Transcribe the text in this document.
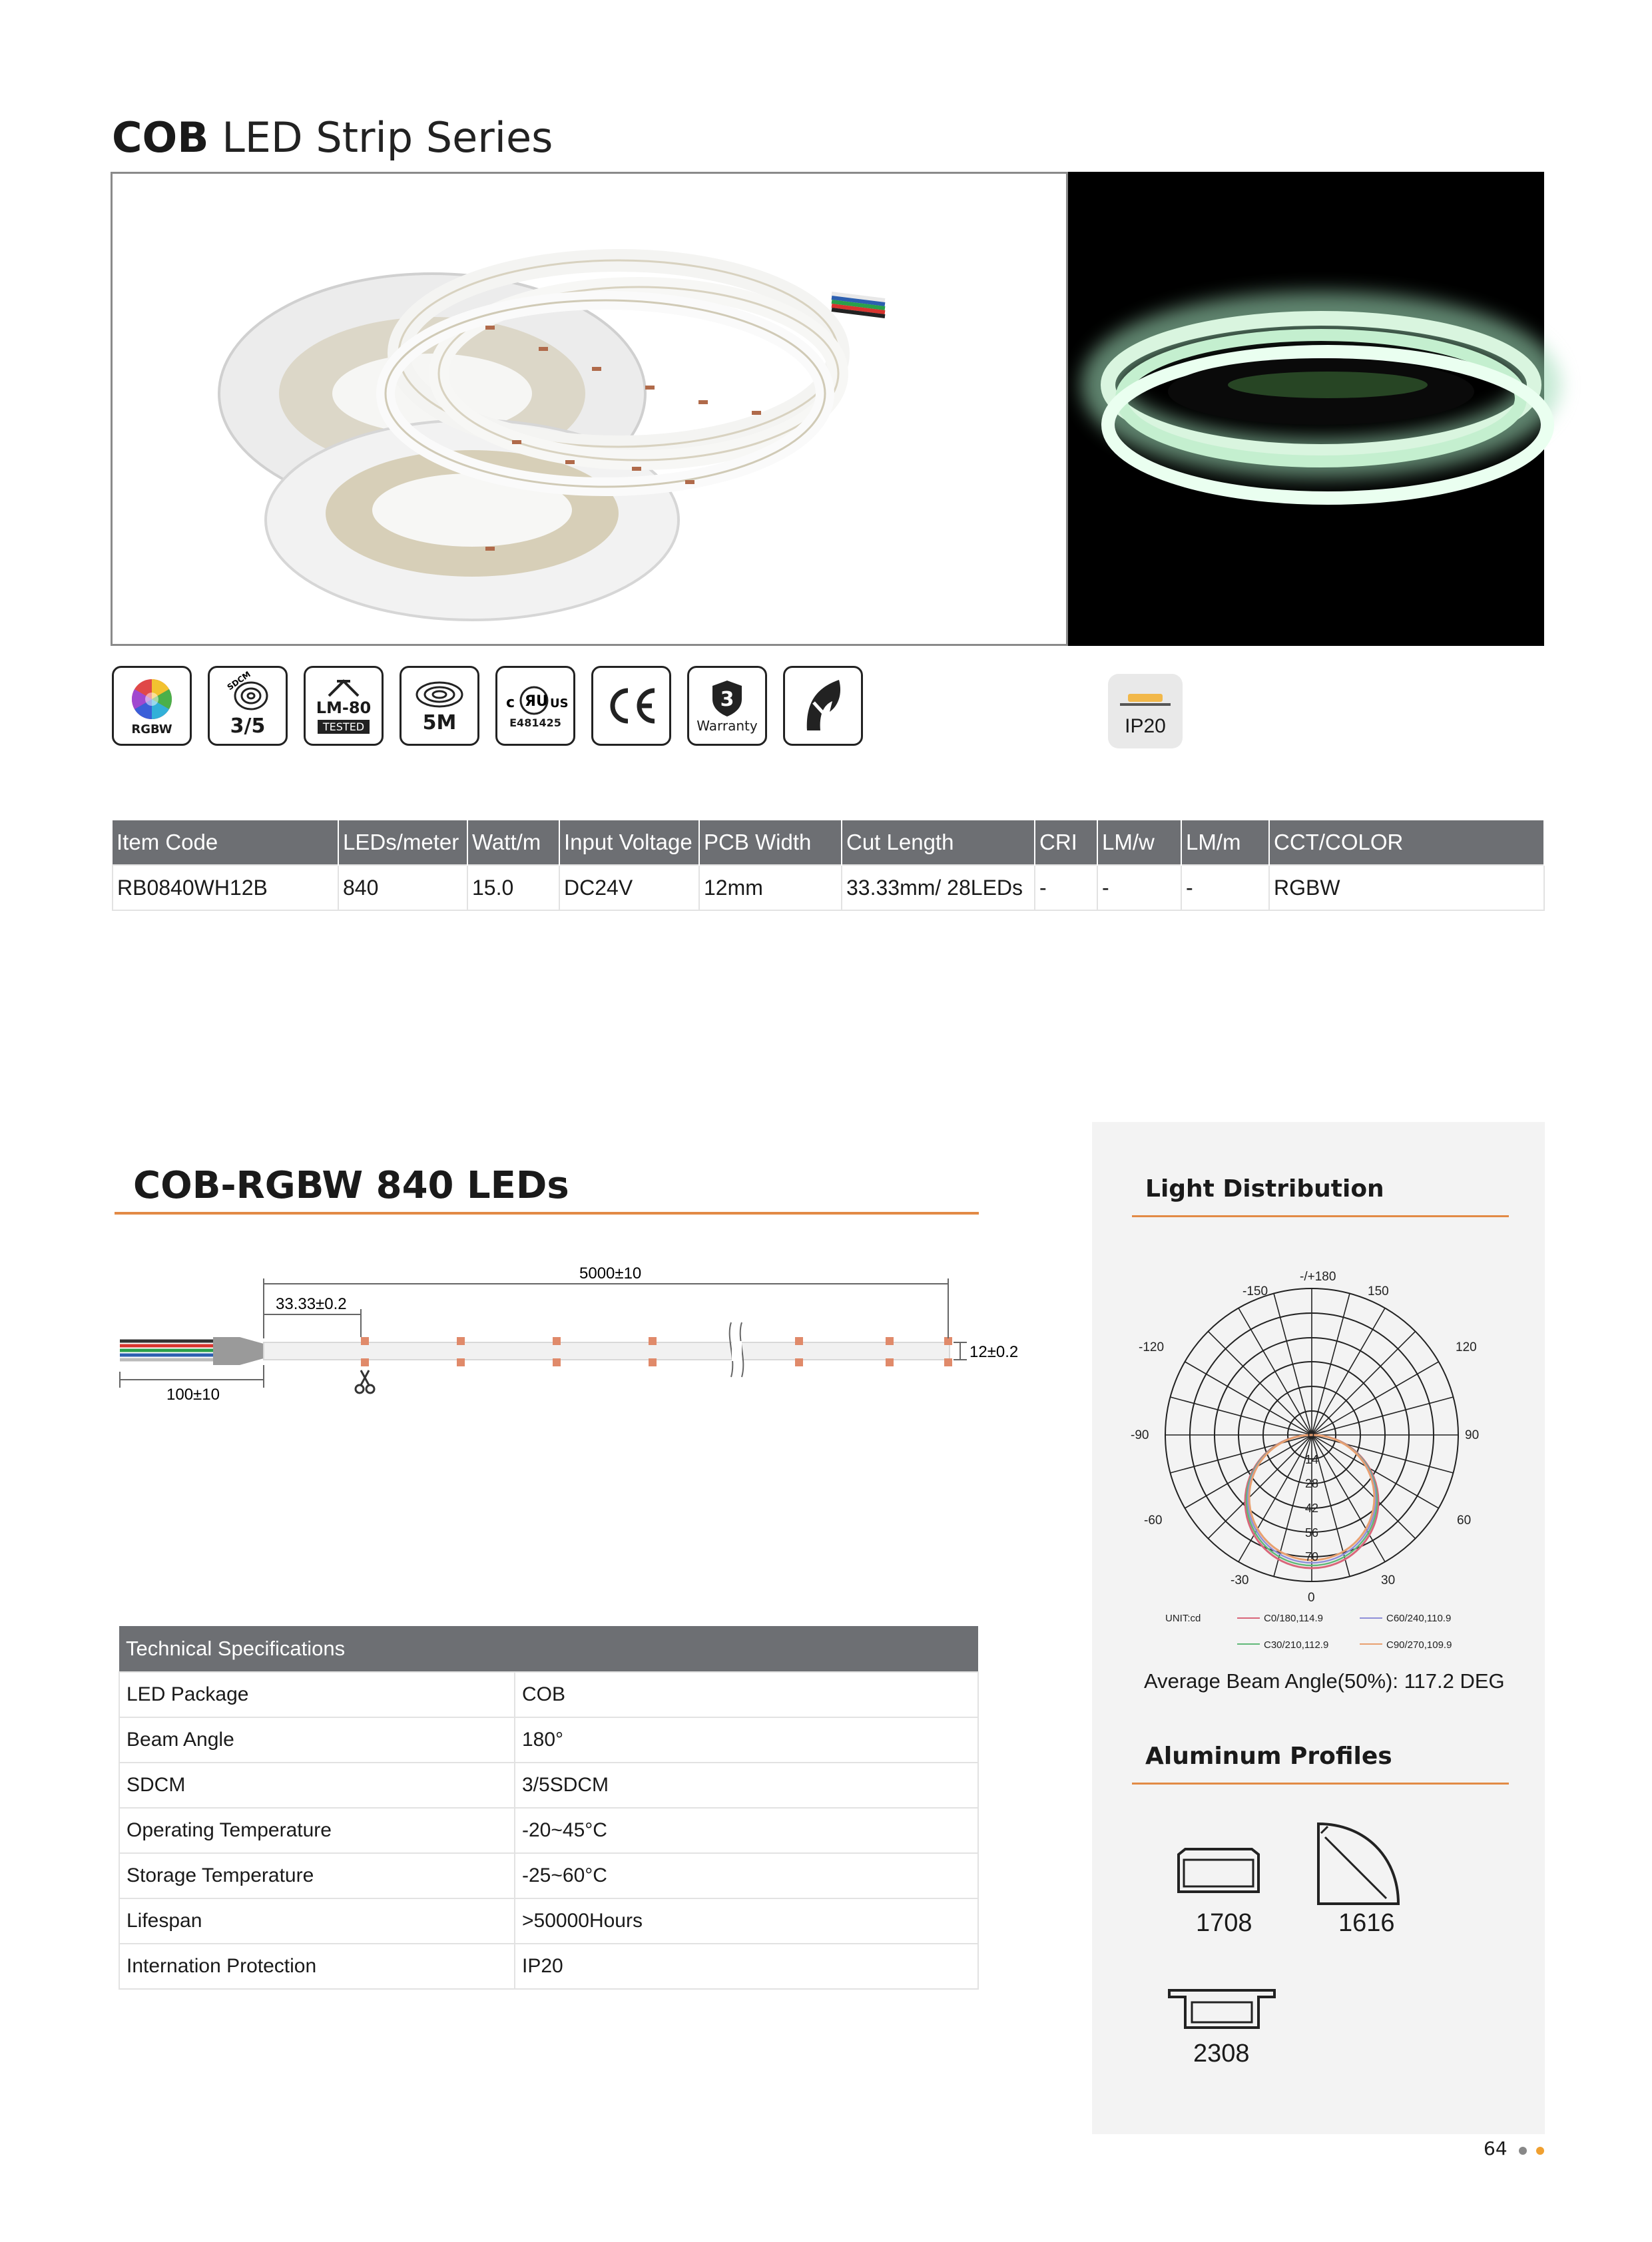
COB LED Strip Series
RGBW
SDCM
3/5
LM-80
TESTED	5M
c ЯU US
E481425
3
Warranty	IP20
Item Code	LEDs/meter	Watt/m	Input Voltage	PCB Width	Cut Length	CRI	LM/w	LM/m	CCT/COLOR
RB0840WH12B	840	15.0	DC24V	12mm	33.33mm/ 28LEDs	-	-	-	RGBW
COB-RGBW 840 LEDs
5000±10
33.33±0.2
12±0.2
100±10
Technical Specifications	
LED Package	COB
Beam Angle	180°
SDCM	3/5SDCM
Operating Temperature	-20~45°C
Storage Temperature	-25~60°C
Lifespan	>50000Hours
Internation Protection	IP20
Light Distribution
-/+180
-150	150
-120	120
-90	90
-60	60
-30	30
0
0
14
28
42
56
70
UNIT:cd	C0/180,114.9	C60/240,110.9
C30/210,112.9	C90/270,109.9
Average Beam Angle(50%): 117.2 DEG
Aluminum Profiles
1708	1616
2308
64
